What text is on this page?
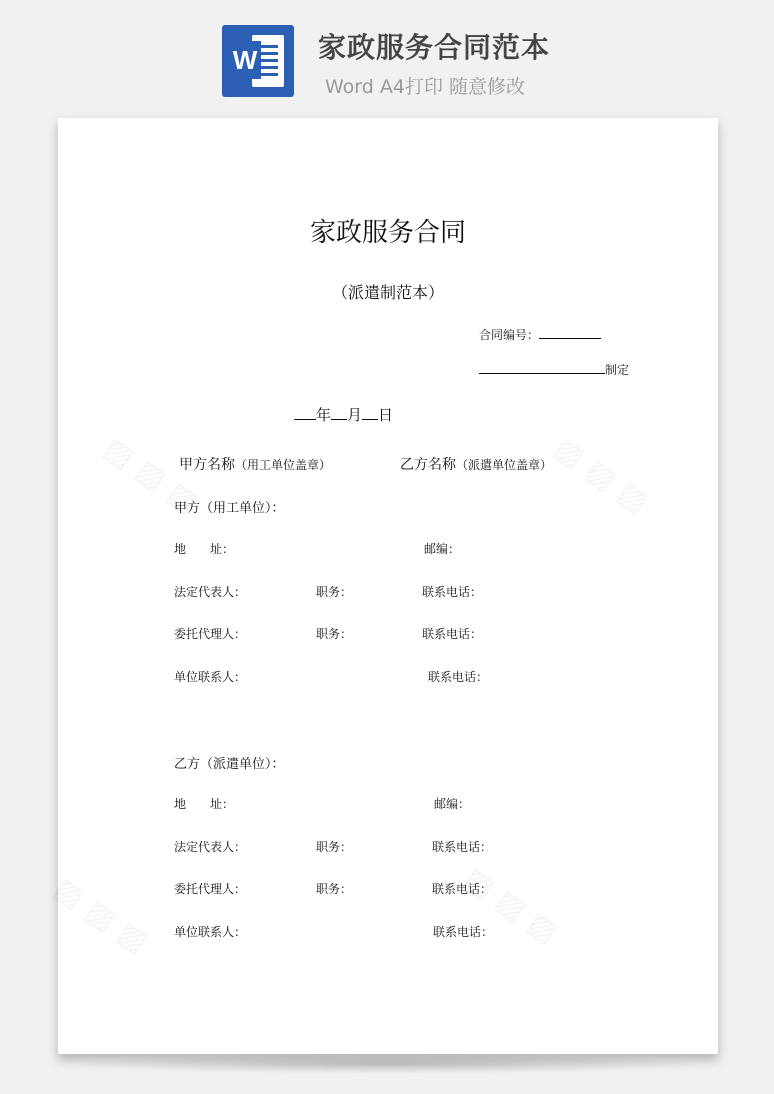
W 家政服务合同范本
Word A4打印 随意修改
家政服务合同
（派遣制范本）
合同编号：
制定
年 月 日
甲方名称（用工单位盖章）	乙方名称（派遣单位盖章）
甲方（用工单位）：
地　　址：	邮编：
法定代表人：	职务：	联系电话：
委托代理人：	职务：	联系电话：
单位联系人：	联系电话：
乙方（派遣单位）：
地　　址：	邮编：
法定代表人：	职务：	联系电话：
委托代理人：	职务：	联系电话：
单位联系人：	联系电话：
